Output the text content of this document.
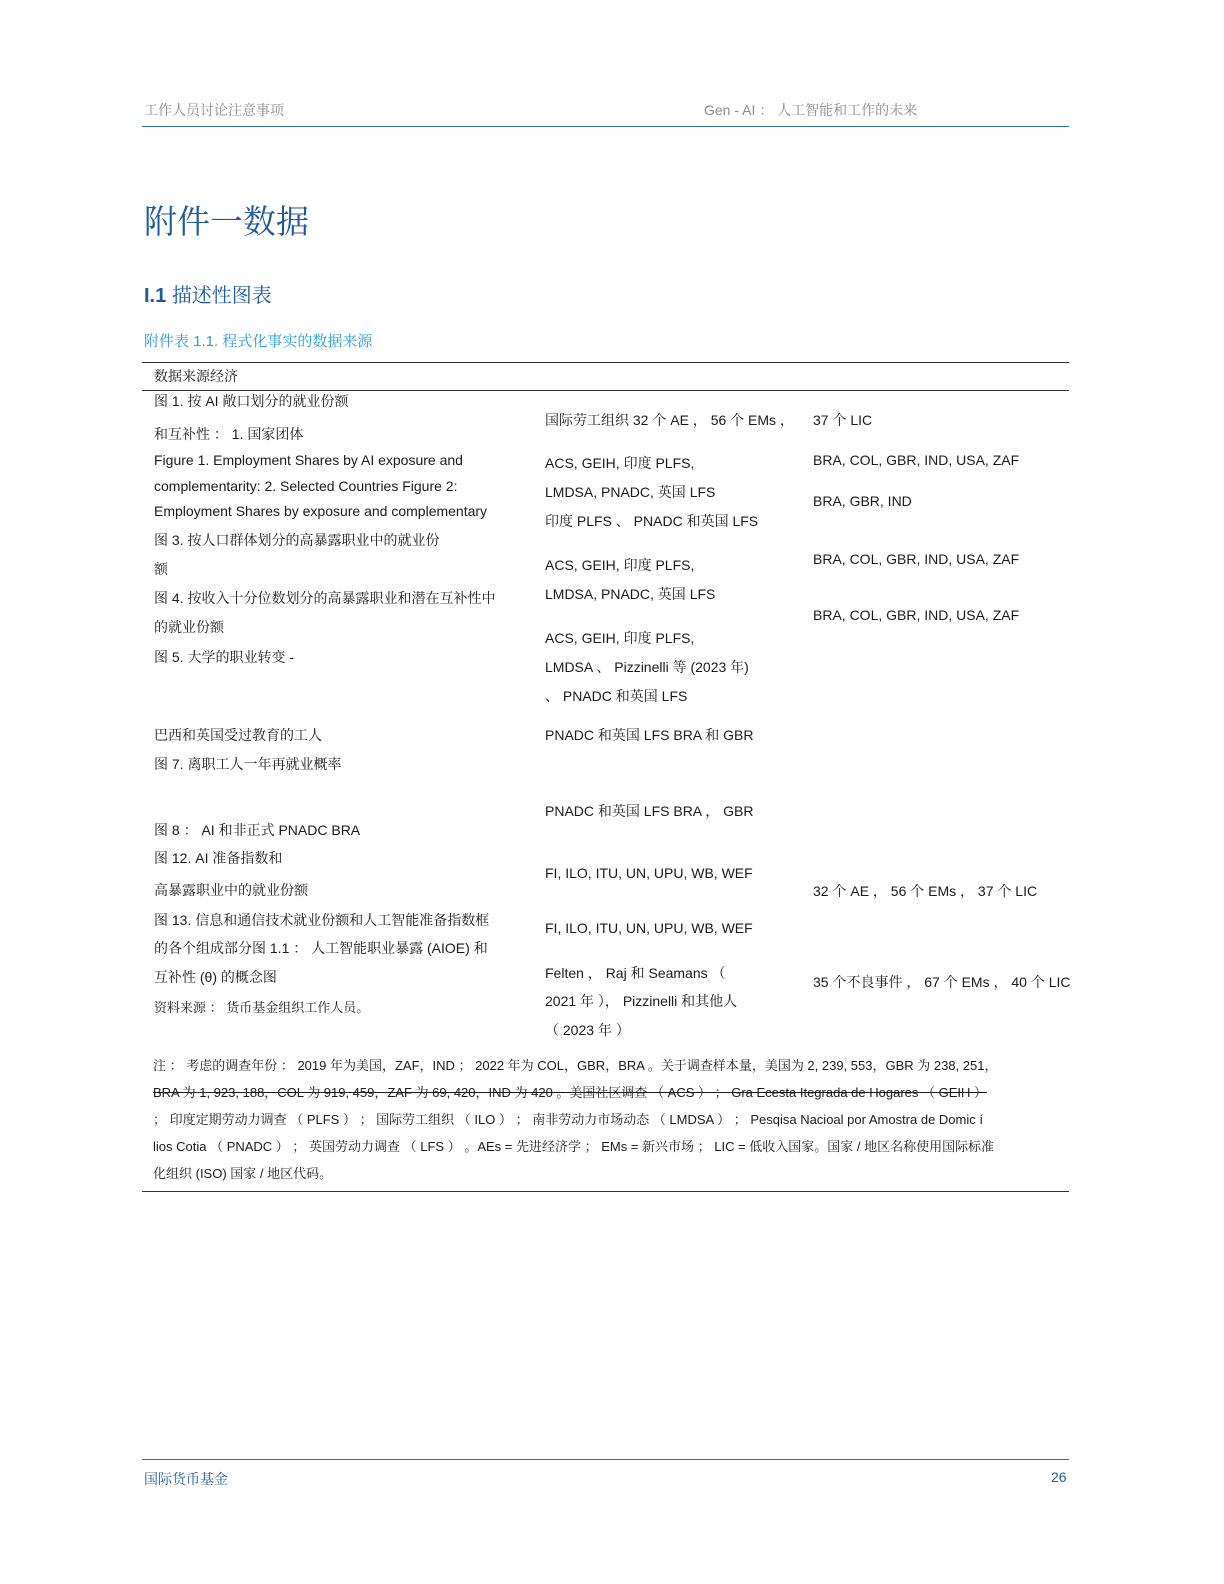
工作人员讨论注意事项	Gen - AI ： 人工智能和工作的未来
附件一数据
I.1 描述性图表
附件表 1.1. 程式化事实的数据来源
数据来源经济
图 1. 按 AI 敞口划分的就业份额
和互补性 ： 1. 国家团体
Figure 1. Employment Shares by AI exposure and
complementarity: 2. Selected Countries Figure 2:
Employment Shares by exposure and complementary
图 3. 按人口群体划分的高暴露职业中的就业份
额
图 4. 按收入十分位数划分的高暴露职业和潜在互补性中
的就业份额
图 5. 大学的职业转变 -
巴西和英国受过教育的工人
图 7. 离职工人一年再就业概率
图 8 ： AI 和非正式 PNADC BRA
图 12. AI 准备指数和
高暴露职业中的就业份额
图 13. 信息和通信技术就业份额和人工智能准备指数框
的各个组成部分图 1.1 ： 人工智能职业暴露 (AIOE) 和
互补性 (θ) 的概念图
资料来源 ： 货币基金组织工作人员。
国际劳工组织 32 个 AE ， 56 个 EMs ，
ACS, GEIH, 印度 PLFS,
LMDSA, PNADC, 英国 LFS
印度 PLFS 、 PNADC 和英国 LFS
ACS, GEIH, 印度 PLFS,
LMDSA, PNADC, 英国 LFS
ACS, GEIH, 印度 PLFS,
LMDSA 、 Pizzinelli 等 (2023 年)
、 PNADC 和英国 LFS
PNADC 和英国 LFS BRA 和 GBR
PNADC 和英国 LFS BRA ， GBR
FI, ILO, ITU, UN, UPU, WB, WEF
FI, ILO, ITU, UN, UPU, WB, WEF
Felten ， Raj 和 Seamans （
2021 年 ）， Pizzinelli 和其他人
（ 2023 年 ）
37 个 LIC
BRA, COL, GBR, IND, USA, ZAF
BRA, GBR, IND
BRA, COL, GBR, IND, USA, ZAF
BRA, COL, GBR, IND, USA, ZAF
32 个 AE ， 56 个 EMs ， 37 个 LIC
35 个不良事件 ， 67 个 EMs ， 40 个 LIC
注 ： 考虑的调查年份 ： 2019 年为美国，ZAF，IND ； 2022 年为 COL，GBR，BRA 。关于调查样本量，美国为 2, 239, 553，GBR 为 238, 251，
BRA 为 1, 923, 188，COL 为 919, 459，ZAF 为 69, 420，IND 为 420 。美国社区调查 （ ACS ） ； Gra Ecesta Itegrada de Hogares （ GEIH ）
； 印度定期劳动力调查 （ PLFS ） ； 国际劳工组织 （ ILO ） ； 南非劳动力市场动态 （ LMDSA ） ； Pesqisa Nacioal por Amostra de Domic í
lios Cotia （ PNADC ） ； 英国劳动力调查 （ LFS ） 。AEs = 先进经济学 ； EMs = 新兴市场 ； LIC = 低收入国家。国家 / 地区名称使用国际标准
化组织 (ISO) 国家 / 地区代码。
国际货币基金	26
